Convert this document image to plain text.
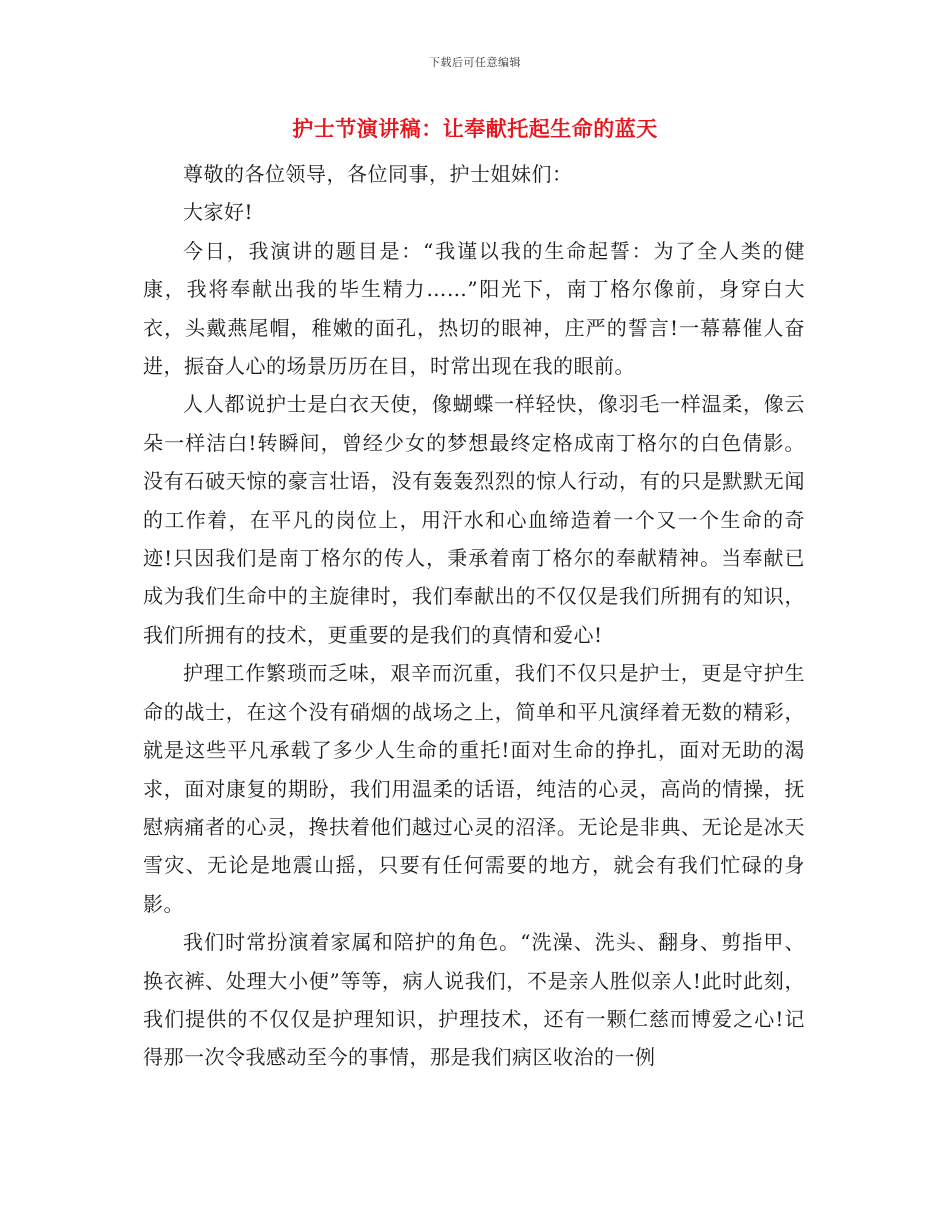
下载后可任意编辑
护士节演讲稿：让奉献托起生命的蓝天

尊敬的各位领导，各位同事，护士姐妹们：

大家好!

今日，我演讲的题目是：“我谨以我的生命起誓：为了全人类的健康，我将奉献出我的毕生精力……”阳光下，南丁格尔像前，身穿白大衣，头戴燕尾帽，稚嫩的面孔，热切的眼神，庄严的誓言!一幕幕催人奋进，振奋人心的场景历历在目，时常出现在我的眼前。

人人都说护士是白衣天使，像蝴蝶一样轻快，像羽毛一样温柔，像云朵一样洁白!转瞬间，曾经少女的梦想最终定格成南丁格尔的白色倩影。没有石破天惊的豪言壮语，没有轰轰烈烈的惊人行动，有的只是默默无闻的工作着，在平凡的岗位上，用汗水和心血缔造着一个又一个生命的奇迹!只因我们是南丁格尔的传人，秉承着南丁格尔的奉献精神。当奉献已成为我们生命中的主旋律时，我们奉献出的不仅仅是我们所拥有的知识，我们所拥有的技术，更重要的是我们的真情和爱心!

护理工作繁琐而乏味，艰辛而沉重，我们不仅只是护士，更是守护生命的战士，在这个没有硝烟的战场之上，简单和平凡演绎着无数的精彩，就是这些平凡承载了多少人生命的重托!面对生命的挣扎，面对无助的渴求，面对康复的期盼，我们用温柔的话语，纯洁的心灵，高尚的情操，抚慰病痛者的心灵，搀扶着他们越过心灵的沼泽。无论是非典、无论是冰天雪灾、无论是地震山摇，只要有任何需要的地方，就会有我们忙碌的身影。

我们时常扮演着家属和陪护的角色。“洗澡、洗头、翻身、剪指甲、换衣裤、处理大小便”等等，病人说我们，不是亲人胜似亲人!此时此刻，我们提供的不仅仅是护理知识，护理技术，还有一颗仁慈而博爱之心!记得那一次令我感动至今的事情，那是我们病区收治的一例
